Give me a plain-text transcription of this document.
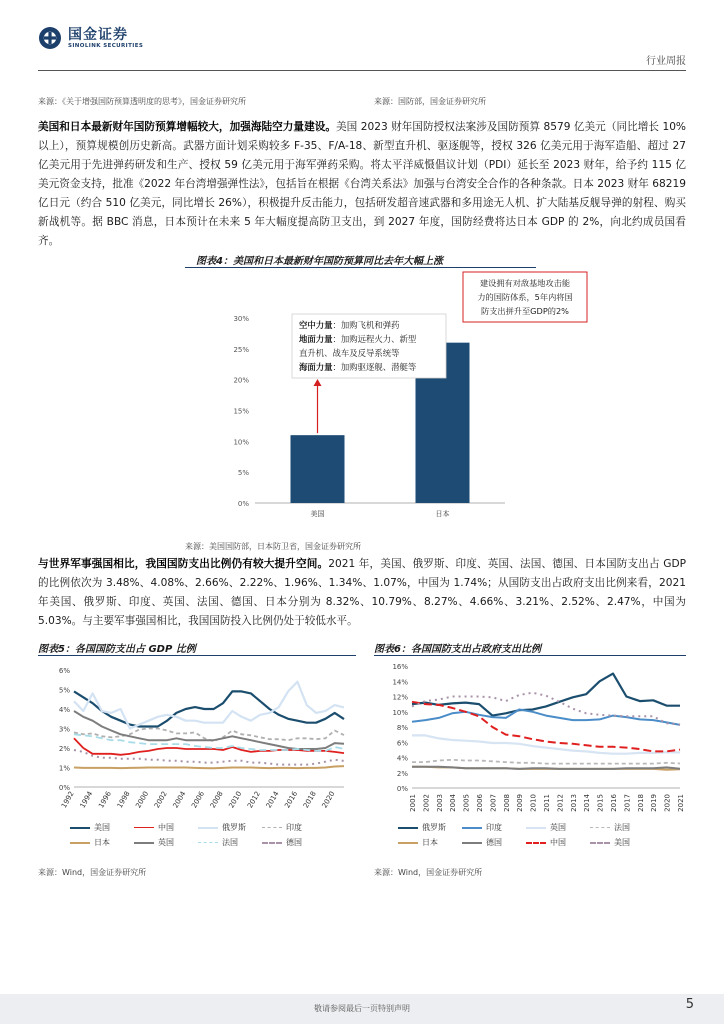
国金证券
SINOLINK SECURITIES
行业周报
来源：《关于增强国防预算透明度的思考》，国金证券研究所	来源：国防部，国金证券研究所
美国和日本最新财年国防预算增幅较大，加强海陆空力量建设。美国 2023 财年国防授权法案涉及国防预算 8579 亿美元（同比增长 10%以上），预算规模创历史新高。武器方面计划采购较多 F-35、F/A-18、新型直升机、驱逐舰等，授权 326 亿美元用于海军造船、超过 27 亿美元用于先进弹药研发和生产、授权 59 亿美元用于海军弹药采购。将太平洋威慑倡议计划（PDI）延长至 2023 财年，给予约 115 亿美元资金支持，批准《2022 年台湾增强弹性法》，包括旨在根据《台湾关系法》加强与台湾安全合作的各种条款。日本 2023 财年 68219 亿日元（约合 510 亿美元，同比增长 26%），积极提升反击能力，包括研发超音速武器和多用途无人机、扩大陆基反舰导弹的射程、购买新战机等。据 BBC 消息，日本预计在未来 5 年大幅度提高防卫支出，到 2027 年度，国防经费将达日本 GDP 的 2%，向北约成员国看齐。
图表4：美国和日本最新财年国防预算同比去年大幅上涨
0%
5%
10%
15%
20%
25%
30%
美国	日本
空中力量：加购飞机和弹药
地面力量：加购远程火力、新型
直升机、战车及反导系统等
海面力量：加购驱逐舰、潜艇等
建设拥有对敌基地攻击能
力的国防体系，5年内将国
防支出拼升至GDP的2%
来源：美国国防部，日本防卫省，国金证券研究所
与世界军事强国相比，我国国防支出比例仍有较大提升空间。2021 年，美国、俄罗斯、印度、英国、法国、德国、日本国防支出占 GDP 的比例依次为 3.48%、4.08%、2.66%、2.22%、1.96%、1.34%、1.07%，中国为 1.74%；从国防支出占政府支出比例来看，2021 年美国、俄罗斯、印度、英国、法国、德国、日本分别为 8.32%、10.79%、8.27%、4.66%、3.21%、2.52%、2.47%，中国为 5.03%。与主要军事强国相比，我国国防投入比例仍处于较低水平。
图表5：各国国防支出占 GDP 比例
0%
1%
2%
3%
4%
5%
6%
1992 1994 1996 1998 2000 2002 2004 2006 2008 2010 2012 2014 2016 2018 2020
美国	中国	俄罗斯	印度
日本	英国	法国	德国
来源：Wind，国金证券研究所
图表6：各国国防支出占政府支出比例
0%
2%
4%
6%
8%
10%
12%
14%
16%
2001 2002 2003 2004 2005 2006 2007 2008 2009 2010 2011 2012 2013 2014 2015 2016 2017 2018 2019 2020 2021
俄罗斯	印度	英国	法国
日本	德国	中国	美国
来源：Wind，国金证券研究所
敬请参阅最后一页特别声明	5
